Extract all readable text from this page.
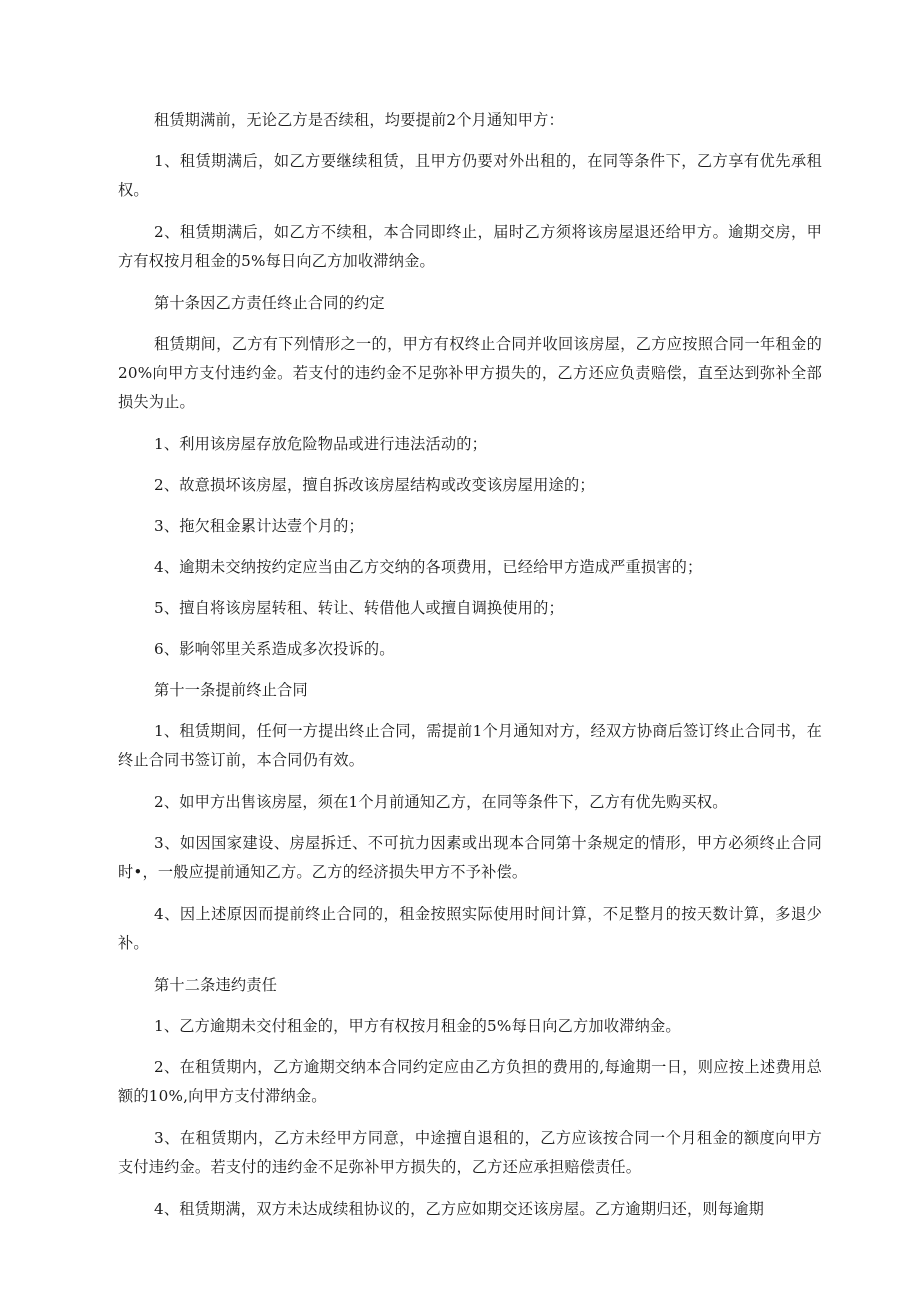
租赁期满前，无论乙方是否续租，均要提前2个月通知甲方：

1、租赁期满后，如乙方要继续租赁，且甲方仍要对外出租的，在同等条件下，乙方享有优先承租权。

2、租赁期满后，如乙方不续租，本合同即终止，届时乙方须将该房屋退还给甲方。逾期交房，甲方有权按月租金的5%每日向乙方加收滞纳金。

第十条因乙方责任终止合同的约定

租赁期间，乙方有下列情形之一的，甲方有权终止合同并收回该房屋，乙方应按照合同一年租金的20%向甲方支付违约金。若支付的违约金不足弥补甲方损失的，乙方还应负责赔偿，直至达到弥补全部损失为止。

1、利用该房屋存放危险物品或进行违法活动的；

2、故意损坏该房屋，擅自拆改该房屋结构或改变该房屋用途的；

3、拖欠租金累计达壹个月的；

4、逾期未交纳按约定应当由乙方交纳的各项费用，已经给甲方造成严重损害的；

5、擅自将该房屋转租、转让、转借他人或擅自调换使用的；

6、影响邻里关系造成多次投诉的。

第十一条提前终止合同

1、租赁期间，任何一方提出终止合同，需提前1个月通知对方，经双方协商后签订终止合同书，在终止合同书签订前，本合同仍有效。

2、如甲方出售该房屋，须在1个月前通知乙方，在同等条件下，乙方有优先购买权。

3、如因国家建设、房屋拆迁、不可抗力因素或出现本合同第十条规定的情形，甲方必须终止合同时•，一般应提前通知乙方。乙方的经济损失甲方不予补偿。

4、因上述原因而提前终止合同的，租金按照实际使用时间计算，不足整月的按天数计算，多退少补。

第十二条违约责任

1、乙方逾期未交付租金的，甲方有权按月租金的5%每日向乙方加收滞纳金。

2、在租赁期内，乙方逾期交纳本合同约定应由乙方负担的费用的,每逾期一日，则应按上述费用总额的10%,向甲方支付滞纳金。

3、在租赁期内，乙方未经甲方同意，中途擅自退租的，乙方应该按合同一个月租金的额度向甲方支付违约金。若支付的违约金不足弥补甲方损失的，乙方还应承担赔偿责任。

4、租赁期满，双方未达成续租协议的，乙方应如期交还该房屋。乙方逾期归还，则每逾期
